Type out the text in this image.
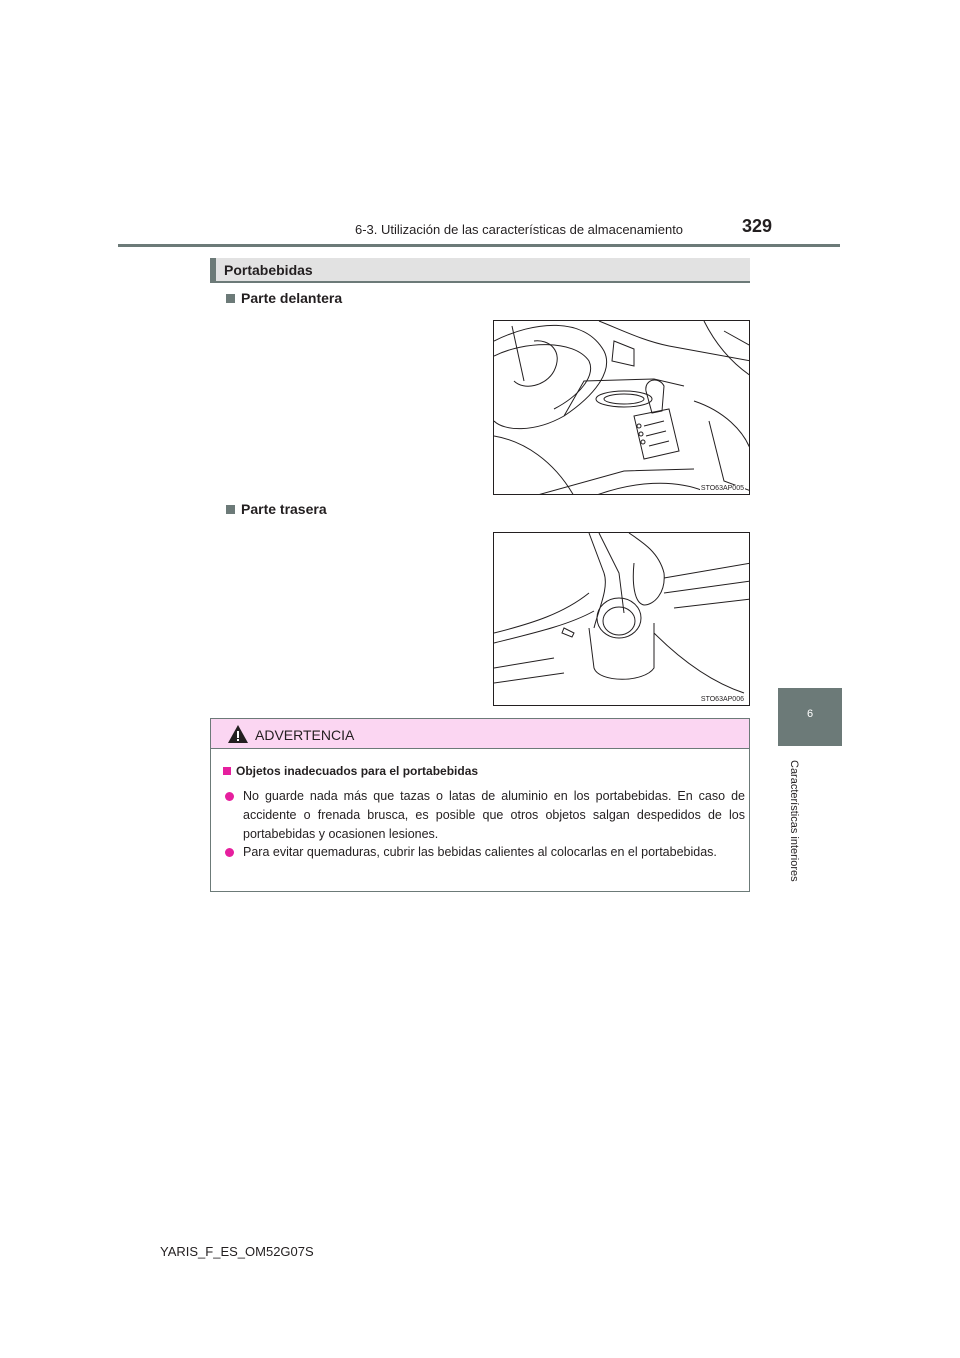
6-3. Utilización de las características de almacenamiento	329
Portabebidas
Parte delantera
STO63AP005
Parte trasera
STO63AP006
6
Características interiores
ADVERTENCIA
Objetos inadecuados para el portabebidas
No guarde nada más que tazas o latas de aluminio en los portabebidas. En caso de accidente o frenada brusca, es posible que otros objetos salgan despedidos de los portabebidas y ocasionen lesiones.
Para evitar quemaduras, cubrir las bebidas calientes al colocarlas en el portabebidas.
YARIS_F_ES_OM52G07S
